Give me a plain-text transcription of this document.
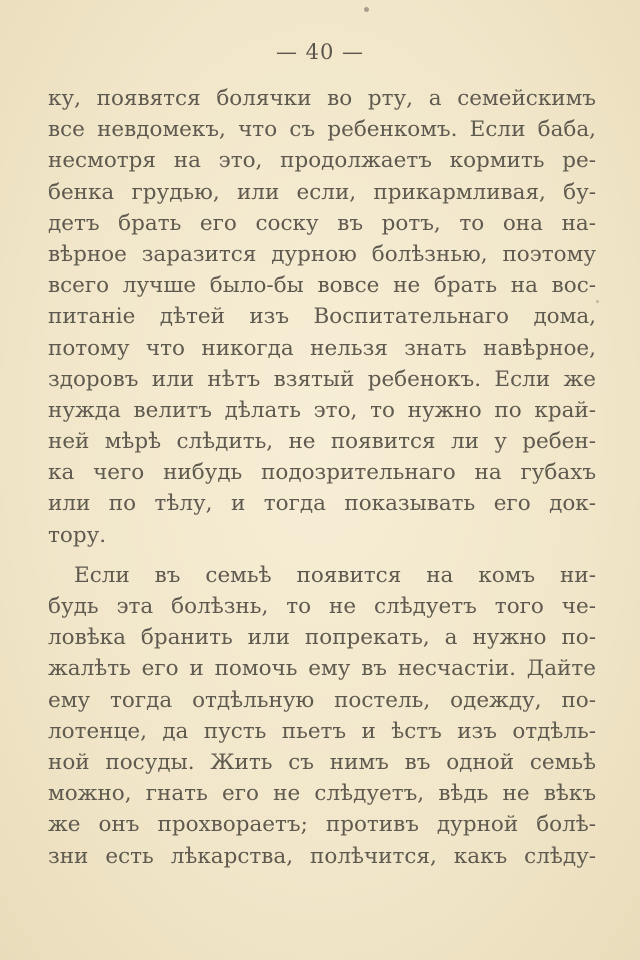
— 40 —
ку, появятся болячки во рту, а семейскимъ
все невдомекъ, что съ ребенкомъ. Если баба,
несмотря на это, продолжаетъ кормить ре-
бенка грудью, или если, прикармливая, бу-
детъ брать его соску въ ротъ, то она на-
вѣрное заразится дурною болѣзнью, поэтому
всего лучше было-бы вовсе не брать на вос-
питаніе дѣтей изъ Воспитательнаго дома,
потому что никогда нельзя знать навѣрное,
здоровъ или нѣтъ взятый ребенокъ. Если же
нужда велитъ дѣлать это, то нужно по край-
ней мѣрѣ слѣдить, не появится ли у ребен-
ка чего нибудь подозрительнаго на губахъ
или по тѣлу, и тогда показывать его док-
тору.
Если въ семьѣ появится на комъ ни-
будь эта болѣзнь, то не слѣдуетъ того че-
ловѣка бранить или попрекать, а нужно по-
жалѣть его и помочь ему въ несчастіи. Дайте
ему тогда отдѣльную постель, одежду, по-
лотенце, да пусть пьетъ и ѣстъ изъ отдѣль-
ной посуды. Жить съ нимъ въ одной семьѣ
можно, гнать его не слѣдуетъ, вѣдь не вѣкъ
же онъ прохвораетъ; противъ дурной болѣ-
зни есть лѣкарства, полѣчится, какъ слѣду-
